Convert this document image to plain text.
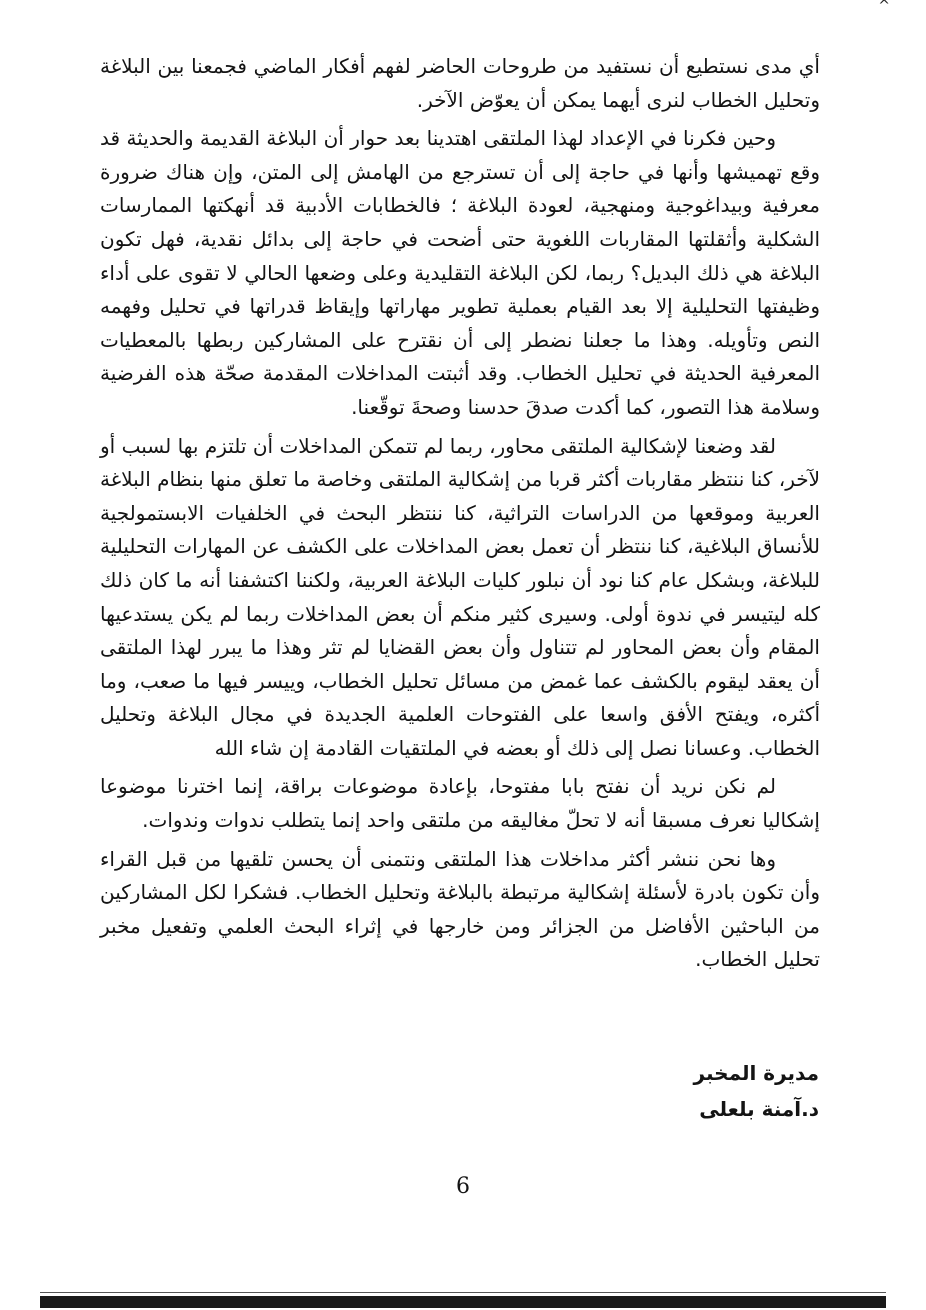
^

أي مدى نستطيع أن نستفيد من طروحات الحاضر لفهم أفكار الماضي فجمعنا بين البلاغة وتحليل الخطاب لنرى أيهما يمكن أن يعوّض الآخر.

وحين فكرنا في الإعداد لهذا الملتقى اهتدينا بعد حوار أن البلاغة القديمة والحديثة قد وقع تهميشها وأنها في حاجة إلى أن تسترجع من الهامش إلى المتن، وإن هناك ضرورة معرفية وبيداغوجية ومنهجية، لعودة البلاغة ؛ فالخطابات الأدبية قد أنهكتها الممارسات الشكلية وأثقلتها المقاربات اللغوية حتى أضحت في حاجة إلى بدائل نقدية، فهل تكون البلاغة هي ذلك البديل؟ ربما، لكن البلاغة التقليدية وعلى وضعها الحالي لا تقوى على أداء وظيفتها التحليلية إلا بعد القيام بعملية تطوير مهاراتها وإيقاظ قدراتها في تحليل وفهمه النص وتأويله. وهذا ما جعلنا نضطر إلى أن نقترح على المشاركين ربطها بالمعطيات المعرفية الحديثة في تحليل الخطاب. وقد أثبتت المداخلات المقدمة صحّة هذه الفرضية وسلامة هذا التصور، كما أكدت صدقَ حدسنا وصحةَ توقّعنا.

لقد وضعنا لإشكالية الملتقى محاور، ربما لم تتمكن المداخلات أن تلتزم بها لسبب أو لآخر، كنا ننتظر مقاربات أكثر قربا من إشكالية الملتقى وخاصة ما تعلق منها بنظام البلاغة العربية وموقعها من الدراسات التراثية، كنا ننتظر البحث في الخلفيات الابستمولجية للأنساق البلاغية، كنا ننتظر أن تعمل بعض المداخلات على الكشف عن المهارات التحليلية للبلاغة، وبشكل عام كنا نود أن نبلور كليات البلاغة العربية، ولكننا اكتشفنا أنه ما كان ذلك كله ليتيسر في ندوة أولى. وسيرى كثير منكم أن بعض المداخلات ربما لم يكن يستدعيها المقام وأن بعض المحاور لم تتناول وأن بعض القضايا لم تثر وهذا ما يبرر لهذا الملتقى أن يعقد ليقوم بالكشف عما غمض من مسائل تحليل الخطاب، وييسر فيها ما صعب، وما أكثره، ويفتح الأفق واسعا على الفتوحات العلمية الجديدة في مجال البلاغة وتحليل الخطاب. وعسانا نصل إلى ذلك أو بعضه في الملتقيات القادمة إن شاء الله

لم نكن نريد أن نفتح بابا مفتوحا، بإعادة موضوعات براقة، إنما اخترنا موضوعا إشكاليا نعرف مسبقا أنه لا تحلّ مغاليقه من ملتقى واحد إنما يتطلب ندوات وندوات.

وها نحن ننشر أكثر مداخلات هذا الملتقى ونتمنى أن يحسن تلقيها من قبل القراء وأن تكون بادرة لأسئلة إشكالية مرتبطة بالبلاغة وتحليل الخطاب. فشكرا لكل المشاركين من الباحثين الأفاضل من الجزائر ومن خارجها في إثراء البحث العلمي وتفعيل مخبر تحليل الخطاب.

مديرة المخبر
د.آمنة بلعلى
6
